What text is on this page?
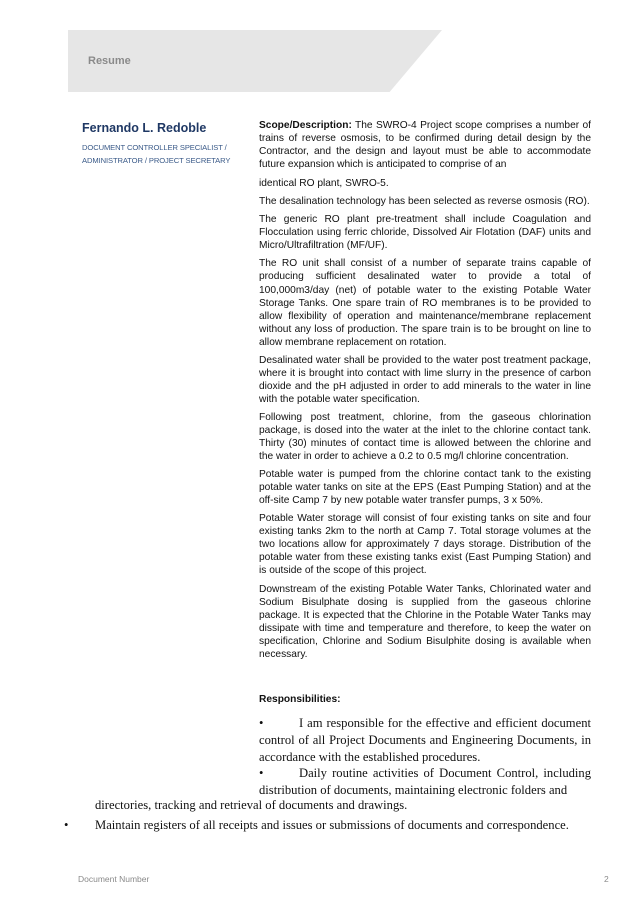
Resume
Fernando L. Redoble
DOCUMENT CONTROLLER SPECIALIST /
ADMINISTRATOR / PROJECT SECRETARY

Scope/Description: The SWRO-4 Project scope comprises a number of trains of reverse osmosis, to be confirmed during detail design by the Contractor, and the design and layout must be able to accommodate future expansion which is anticipated to comprise of an

identical RO plant, SWRO-5.

The desalination technology has been selected as reverse osmosis (RO).

The generic RO plant pre-treatment shall include Coagulation and Flocculation using ferric chloride, Dissolved Air Flotation (DAF) units and Micro/Ultrafiltration (MF/UF).

The RO unit shall consist of a number of separate trains capable of producing sufficient desalinated water to provide a total of 100,000m3/day (net) of potable water to the existing Potable Water Storage Tanks. One spare train of RO membranes is to be provided to allow flexibility of operation and maintenance/membrane replacement without any loss of production. The spare train is to be brought on line to allow membrane replacement on rotation.

Desalinated water shall be provided to the water post treatment package, where it is brought into contact with lime slurry in the presence of carbon dioxide and the pH adjusted in order to add minerals to the water in line with the potable water specification.

Following post treatment, chlorine, from the gaseous chlorination package, is dosed into the water at the inlet to the chlorine contact tank. Thirty (30) minutes of contact time is allowed between the chlorine and the water in order to achieve a 0.2 to 0.5 mg/l chlorine concentration.

Potable water is pumped from the chlorine contact tank to the existing potable water tanks on site at the EPS (East Pumping Station) and at the off-site Camp 7 by new potable water transfer pumps, 3 x 50%.

Potable Water storage will consist of four existing tanks on site and four existing tanks 2km to the north at Camp 7. Total storage volumes at the two locations allow for approximately 7 days storage. Distribution of the potable water from these existing tanks exist (East Pumping Station) and is outside of the scope of this project.

Downstream of the existing Potable Water Tanks, Chlorinated water and Sodium Bisulphate dosing is supplied from the gaseous chlorine package. It is expected that the Chlorine in the Potable Water Tanks may dissipate with time and temperature and therefore, to keep the water on specification, Chlorine and Sodium Bisulphite dosing is available when necessary.

Responsibilities:
•	I am responsible for the effective and efficient document control of all Project Documents and Engineering Documents, in accordance with the established procedures.
•	Daily routine activities of Document Control, including distribution of documents, maintaining electronic folders and
directories, tracking and retrieval of documents and drawings.
• Maintain registers of all receipts and issues or submissions of documents and correspondence.
Document Number	2
